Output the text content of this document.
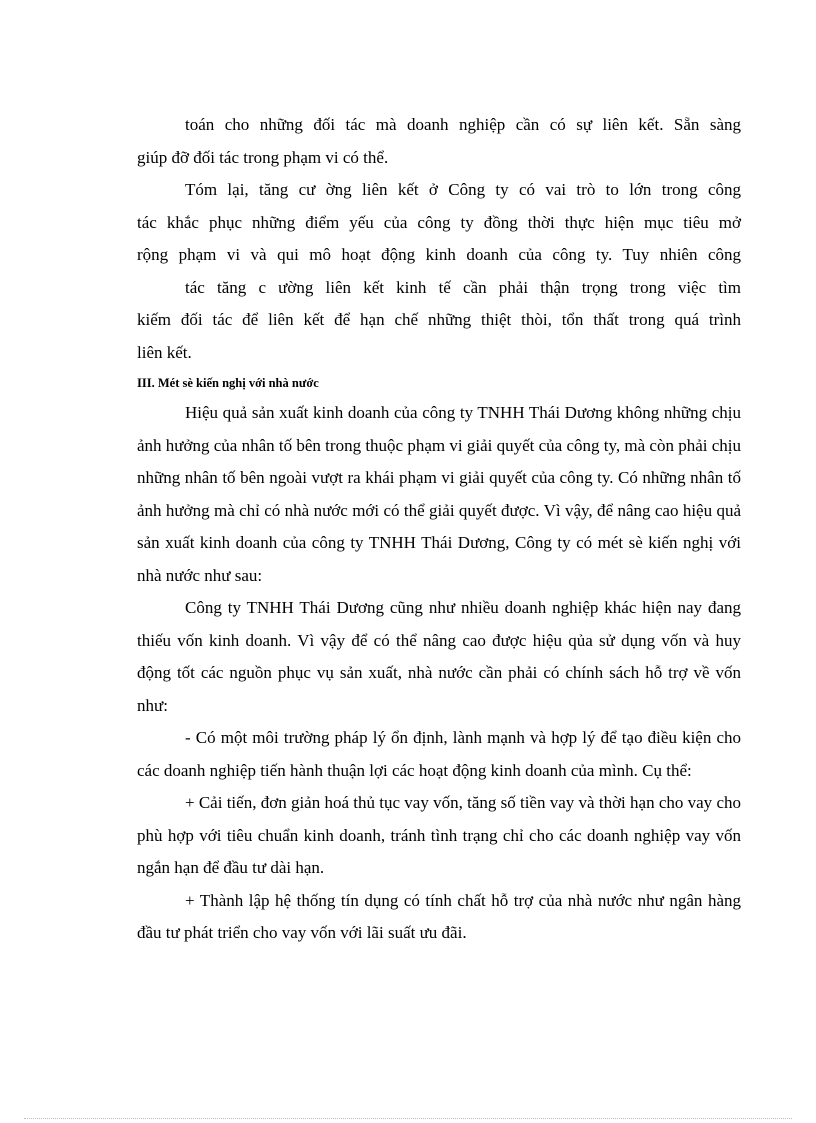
toán cho những đối tác mà doanh nghiệp cần có sự liên kết. Sẵn sàng

giúp đỡ đối tác trong phạm vi có thể.

Tóm lại, tăng cư ờng liên kết ở Công ty có vai trò to lớn trong công

tác khắc phục những điểm yếu của công ty đồng thời thực hiện mục tiêu mở

rộng phạm vi và qui mô hoạt động kinh doanh của công ty. Tuy nhiên công

tác tăng c ường liên kết kinh tế cần phải thận trọng trong việc tìm

kiếm đối tác để liên kết để hạn chế những thiệt thòi, tổn thất trong quá trình

liên kết.

III. Mét sè kiến nghị với nhà nước

Hiệu quả sản xuất kinh doanh của công ty TNHH Thái Dương không những chịu ảnh hưởng của nhân tố bên trong thuộc phạm vi giải quyết của công ty, mà còn phải chịu những nhân tố bên ngoài vượt ra khái phạm vi giải quyết của công ty. Có những nhân tố ảnh hưởng mà chỉ có nhà nước mới có thể giải quyết được. Vì vậy, để nâng cao hiệu quả sản xuất kinh doanh của công ty TNHH Thái Dương, Công ty có mét sè kiến nghị với nhà nước như sau:

Công ty TNHH Thái Dương cũng như nhiều doanh nghiệp khác hiện nay đang thiếu vốn kinh doanh. Vì vậy để có thể nâng cao được hiệu qủa sử dụng vốn và huy động tốt các nguồn phục vụ sản xuất, nhà nước cần phải có chính sách hỗ trợ về vốn như:

- Có một môi trường pháp lý ổn định, lành mạnh và hợp lý để tạo điều kiện cho các doanh nghiệp tiến hành thuận lợi các hoạt động kinh doanh của mình. Cụ thể:

+ Cải tiến, đơn giản hoá thủ tục vay vốn, tăng số tiền vay và thời hạn cho vay cho phù hợp với tiêu chuẩn kinh doanh, tránh tình trạng chỉ cho các doanh nghiệp vay vốn ngắn hạn để đầu tư dài hạn.

+ Thành lập hệ thống tín dụng có tính chất hỗ trợ của nhà nước như ngân hàng đầu tư phát triển cho vay vốn với lãi suất ưu đãi.
